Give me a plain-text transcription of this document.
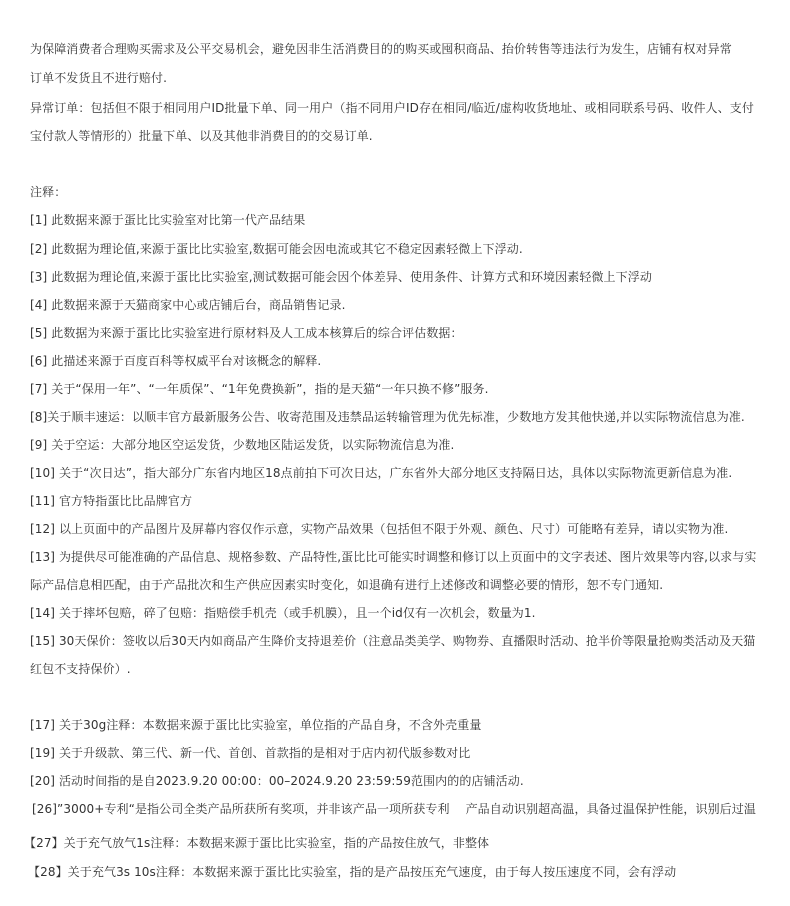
为保障消费者合理购买需求及公平交易机会，避免因非生活消费目的的购买或囤积商品、抬价转售等违法行为发生，店铺有权对异常
订单不发货且不进行赔付.
异常订单：包括但不限于相同用户ID批量下单、同一用户（指不同用户ID存在相同/临近/虚构收货地址、或相同联系号码、收件人、支付
宝付款人等情形的）批量下单、以及其他非消费目的的交易订单.
注释：
[1] 此数据来源于蛋比比实验室对比第一代产品结果
[2] 此数据为理论值,来源于蛋比比实验室,数据可能会因电流或其它不稳定因素轻微上下浮动.
[3] 此数据为理论值,来源于蛋比比实验室,测试数据可能会因个体差异、使用条件、计算方式和环境因素轻微上下浮动
[4] 此数据来源于天猫商家中心或店铺后台，商品销售记录.
[5] 此数据为来源于蛋比比实验室进行原材料及人工成本核算后的综合评估数据：
[6] 此描述来源于百度百科等权威平台对该概念的解释.
[7] 关于“保用一年”、“一年质保”、“1年免费换新”，指的是天猫“一年只换不修”服务.
[8]关于顺丰速运：以顺丰官方最新服务公告、收寄范围及违禁品运转输管理为优先标准，少数地方发其他快递,并以实际物流信息为准.
[9] 关于空运：大部分地区空运发货，少数地区陆运发货，以实际物流信息为准.
[10] 关于“次日达”，指大部分广东省内地区18点前拍下可次日达，广东省外大部分地区支持隔日达，具体以实际物流更新信息为准.
[11] 官方特指蛋比比品牌官方
[12] 以上页面中的产品图片及屏幕内容仅作示意，实物产品效果（包括但不限于外观、颜色、尺寸）可能略有差异，请以实物为准.
[13] 为提供尽可能准确的产品信息、规格参数、产品特性,蛋比比可能实时调整和修订以上页面中的文字表述、图片效果等内容,以求与实
际产品信息相匹配，由于产品批次和生产供应因素实时变化，如退确有进行上述修改和调整必要的情形，恕不专门通知.
[14] 关于摔坏包赔，碎了包赔：指赔偿手机壳（或手机膜），且一个id仅有一次机会，数量为1.
[15] 30天保价：签收以后30天内如商品产生降价支持退差价（注意品类美学、购物券、直播限时活动、抢半价等限量抢购类活动及天猫
红包不支持保价）.
[17] 关于30g注释：本数据来源于蛋比比实验室，单位指的产品自身，不含外壳重量
[19] 关于升级款、第三代、新一代、首创、首款指的是相对于店内初代版参数对比
[20] 活动时间指的是自2023.9.20 00:00：00–2024.9.20 23:59:59范围内的的店铺活动.
[26]”3000+专利“是指公司全类产品所获所有奖项，并非该产品一项所获专利　 产品自动识别超高温，具备过温保护性能，识别后过温
【27】关于充气放气1s注释：本数据来源于蛋比比实验室，指的产品按住放气，非整体
【28】关于充气3s 10s注释：本数据来源于蛋比比实验室，指的是产品按压充气速度，由于每人按压速度不同，会有浮动
